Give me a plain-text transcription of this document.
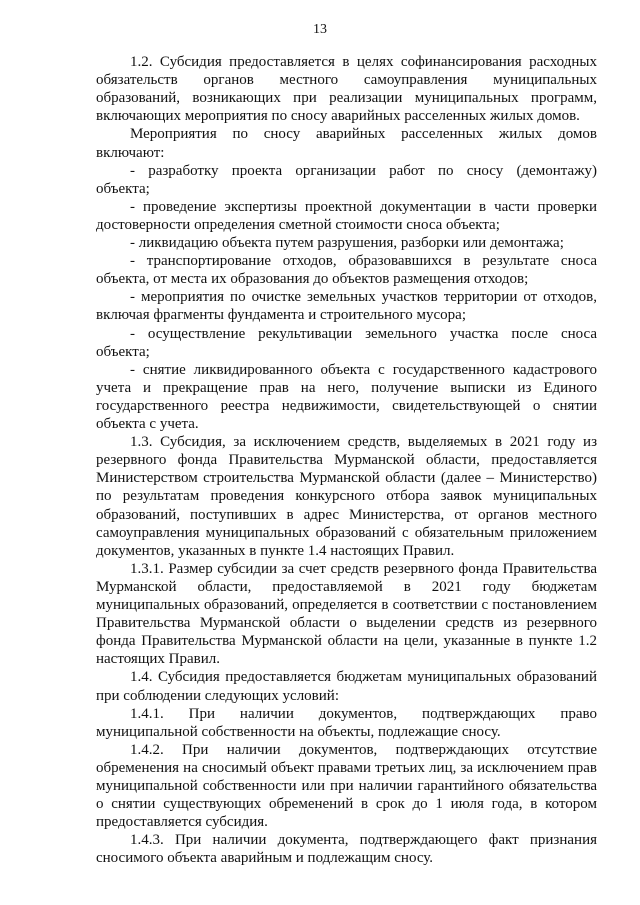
13
1.2. Субсидия предоставляется в целях софинансирования расходных
обязательств органов местного самоуправления муниципальных
образований, возникающих при реализации муниципальных программ,
включающих мероприятия по сносу аварийных расселенных жилых домов.
Мероприятия по сносу аварийных расселенных жилых домов
включают:
- разработку проекта организации работ по сносу (демонтажу)
объекта;
- проведение экспертизы проектной документации в части проверки
достоверности определения сметной стоимости сноса объекта;
- ликвидацию объекта путем разрушения, разборки или демонтажа;
- транспортирование отходов, образовавшихся в результате сноса
объекта, от места их образования до объектов размещения отходов;
- мероприятия по очистке земельных участков территории от отходов,
включая фрагменты фундамента и строительного мусора;
- осуществление рекультивации земельного участка после сноса
объекта;
- снятие ликвидированного объекта с государственного кадастрового
учета и прекращение прав на него, получение выписки из Единого
государственного реестра недвижимости, свидетельствующей о снятии
объекта с учета.
1.3. Субсидия, за исключением средств, выделяемых в 2021 году из
резервного фонда Правительства Мурманской области, предоставляется
Министерством строительства Мурманской области (далее – Министерство)
по результатам проведения конкурсного отбора заявок муниципальных
образований, поступивших в адрес Министерства, от органов местного
самоуправления муниципальных образований с обязательным приложением
документов, указанных в пункте 1.4 настоящих Правил.
1.3.1. Размер субсидии за счет средств резервного фонда Правительства
Мурманской области, предоставляемой в 2021 году бюджетам
муниципальных образований, определяется в соответствии с постановлением
Правительства Мурманской области о выделении средств из резервного
фонда Правительства Мурманской области на цели, указанные в пункте 1.2
настоящих Правил.
1.4. Субсидия предоставляется бюджетам муниципальных образований
при соблюдении следующих условий:
1.4.1. При наличии документов, подтверждающих право
муниципальной собственности на объекты, подлежащие сносу.
1.4.2. При наличии документов, подтверждающих отсутствие
обременения на сносимый объект правами третьих лиц, за исключением прав
муниципальной собственности или при наличии гарантийного обязательства
о снятии существующих обременений в срок до 1 июля года, в котором
предоставляется субсидия.
1.4.3. При наличии документа, подтверждающего факт признания
сносимого объекта аварийным и подлежащим сносу.
